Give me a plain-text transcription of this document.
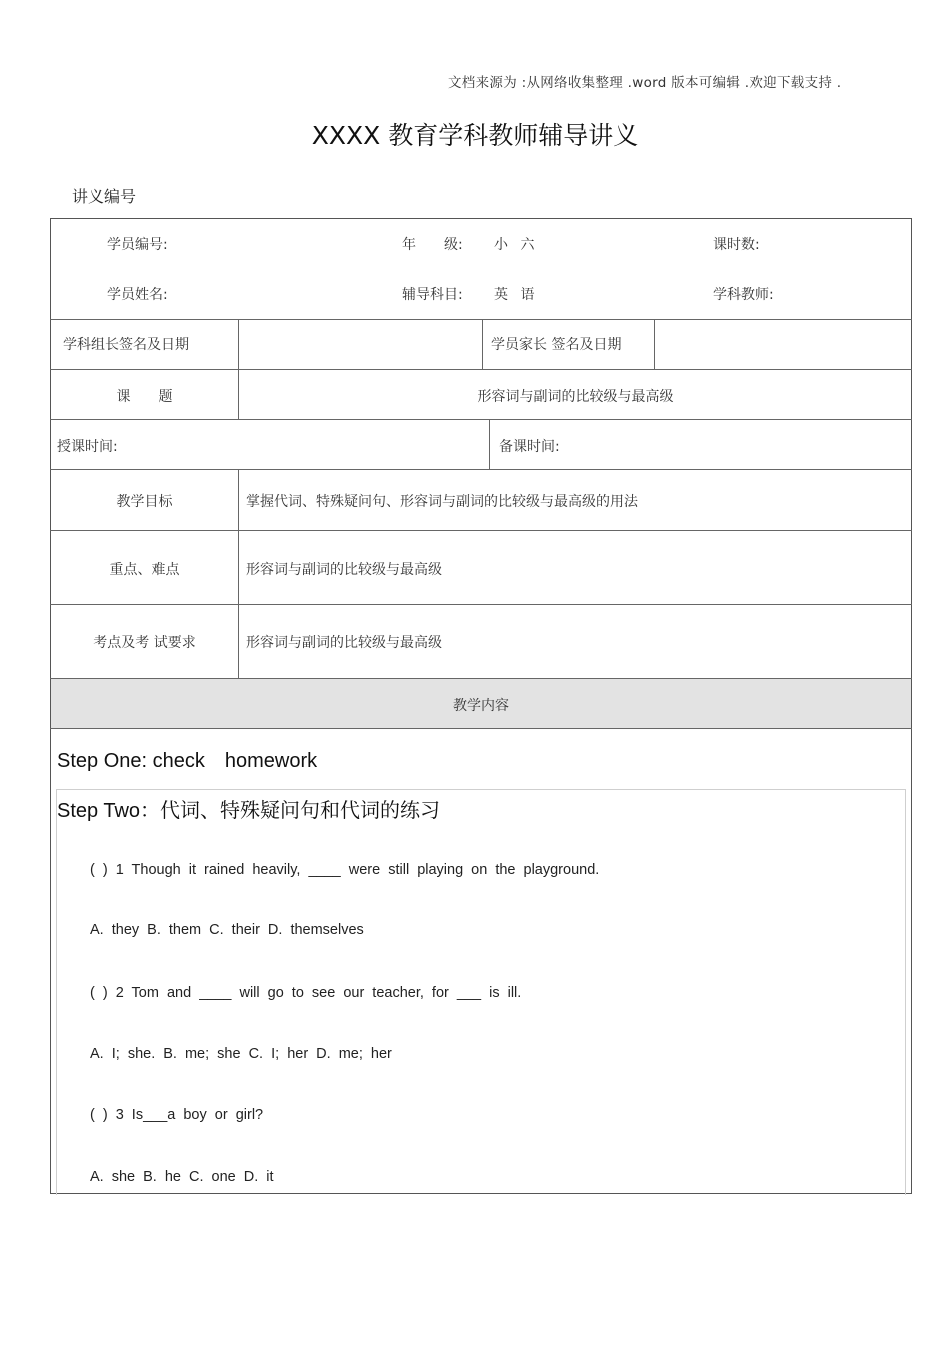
文档来源为 :从网络收集整理 .word 版本可编辑 .欢迎下载支持 .
XXXX 教育学科教师辅导讲义
讲义编号
学员编号:	年　　级: 小 六	课时数:
学员姓名:	辅导科目: 英 语	学科教师:
学科组长签名及日期	学员家长 签名及日期
课　　题	形容词与副词的比较级与最高级
授课时间:	备课时间:
教学目标	掌握代词、特殊疑问句、形容词与副词的比较级与最高级的用法
重点、难点	形容词与副词的比较级与最高级
考点及考 试要求	形容词与副词的比较级与最高级
教学内容
Step One: check　homework
Step Two：代词、特殊疑问句和代词的练习
( ) 1 Though it rained heavily, ____ were still playing on the playground.
A. they B. them C. their D. themselves
( ) 2 Tom and ____ will go to see our teacher, for ___ is ill.
A. I; she. B. me; she C. I; her D. me; her
( ) 3 Is___a boy or girl?
A. she B. he C. one D. it
